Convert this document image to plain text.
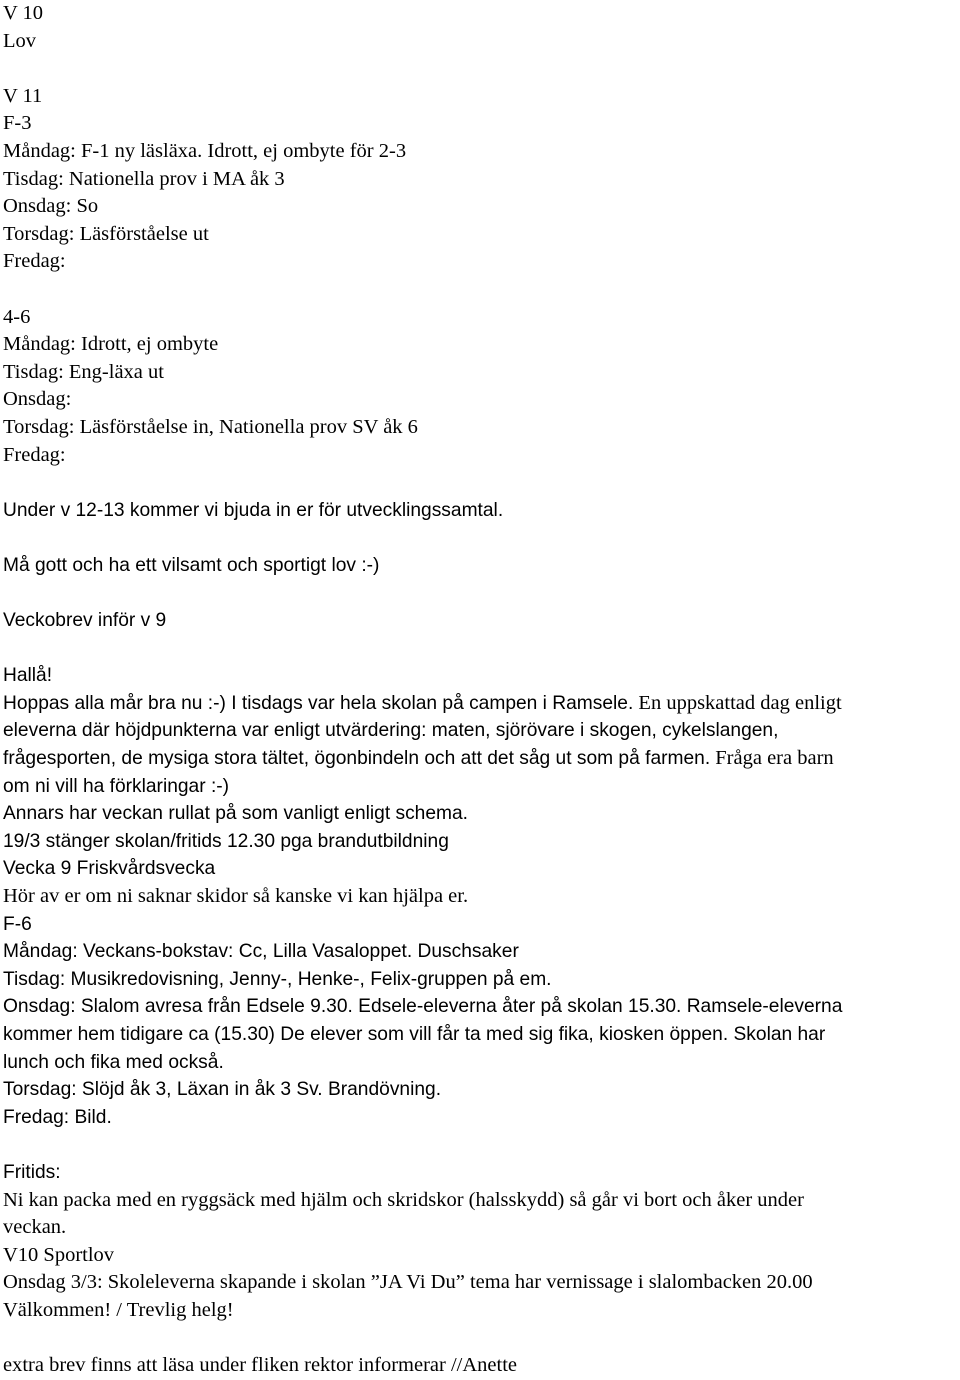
V 10
Lov
V 11
F-3
Måndag: F-1 ny läsläxa. Idrott, ej ombyte för 2-3
Tisdag: Nationella prov i MA åk 3
Onsdag: So
Torsdag: Läsförståelse ut
Fredag:
4-6
Måndag: Idrott, ej ombyte
Tisdag: Eng-läxa ut
Onsdag:
Torsdag: Läsförståelse in, Nationella prov SV åk 6
Fredag:
Under v 12-13 kommer vi bjuda in er för utvecklingssamtal.
Må gott och ha ett vilsamt och sportigt lov :-)
Veckobrev inför v 9
Hallå!
Hoppas alla mår bra nu :-) I tisdags var hela skolan på campen i Ramsele. En uppskattad dag enligt
eleverna där höjdpunkterna var enligt utvärdering: maten, sjörövare i skogen, cykelslangen,
frågesporten, de mysiga stora tältet, ögonbindeln och att det såg ut som på farmen. Fråga era barn
om ni vill ha förklaringar :-)
Annars har veckan rullat på som vanligt enligt schema.
19/3 stänger skolan/fritids 12.30 pga brandutbildning
Vecka 9 Friskvårdsvecka
Hör av er om ni saknar skidor så kanske vi kan hjälpa er.
F-6
Måndag: Veckans-bokstav: Cc, Lilla Vasaloppet. Duschsaker
Tisdag: Musikredovisning, Jenny-, Henke-, Felix-gruppen på em.
Onsdag: Slalom avresa från Edsele 9.30. Edsele-eleverna åter på skolan 15.30. Ramsele-eleverna
kommer hem tidigare ca (15.30) De elever som vill får ta med sig fika, kiosken öppen. Skolan har
lunch och fika med också.
Torsdag: Slöjd åk 3, Läxan in åk 3 Sv. Brandövning.
Fredag: Bild.
Fritids:
Ni kan packa med en ryggsäck med hjälm och skridskor (halsskydd) så går vi bort och åker under
veckan.
V10 Sportlov
Onsdag 3/3: Skoleleverna skapande i skolan ”JA Vi Du” tema har vernissage i slalombacken 20.00
Välkommen! / Trevlig helg!
extra brev finns att läsa under fliken rektor informerar //Anette
